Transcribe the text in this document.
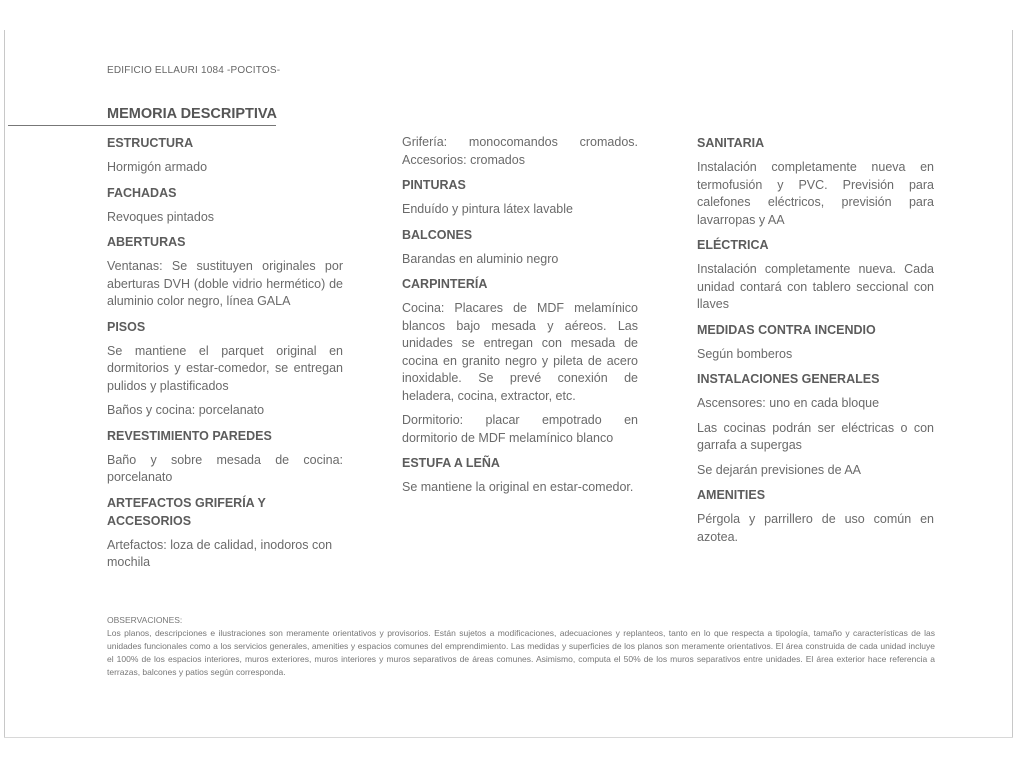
EDIFICIO ELLAURI 1084 -POCITOS-
MEMORIA DESCRIPTIVA
ESTRUCTURA
Hormigón armado
FACHADAS
Revoques pintados
ABERTURAS
Ventanas: Se sustituyen originales por aberturas DVH (doble vidrio hermético) de aluminio color negro, línea GALA
PISOS
Se mantiene el parquet original en dormitorios y estar-comedor, se entregan pulidos y plastificados
Baños y cocina: porcelanato
REVESTIMIENTO PAREDES
Baño y sobre mesada de cocina: porcelanato
ARTEFACTOS GRIFERÍA Y ACCESORIOS
Artefactos: loza de calidad, inodoros con mochila
Grifería: monocomandos cromados. Accesorios: cromados
PINTURAS
Enduído y pintura látex lavable
BALCONES
Barandas en aluminio negro
CARPINTERÍA
Cocina: Placares de MDF melamínico blancos bajo mesada y aéreos. Las unidades se entregan con mesada de cocina en granito negro y pileta de acero inoxidable. Se prevé conexión de heladera, cocina, extractor, etc.
Dormitorio: placar empotrado en dormitorio de MDF melamínico blanco
ESTUFA A LEÑA
Se mantiene la original en estar-comedor.
SANITARIA
Instalación completamente nueva en termofusión y PVC. Previsión para calefones eléctricos, previsión para lavarropas y AA
ELÉCTRICA
Instalación completamente nueva. Cada unidad contará con tablero seccional con llaves
MEDIDAS CONTRA INCENDIO
Según bomberos
INSTALACIONES GENERALES
Ascensores: uno en cada bloque
Las cocinas podrán ser eléctricas o con garrafa a supergas
Se dejarán previsiones de AA
AMENITIES
Pérgola y parrillero de uso común en azotea.
OBSERVACIONES:
Los planos, descripciones e ilustraciones son meramente orientativos y provisorios. Están sujetos a modificaciones, adecuaciones y replanteos, tanto en lo que respecta a tipología, tamaño y características de las unidades funcionales como a los servicios generales, amenities y espacios comunes del emprendimiento. Las medidas y superficies de los planos son meramente orientativos. El área construida de cada unidad incluye el 100% de los espacios interiores, muros exteriores, muros interiores y muros separativos de áreas comunes. Asimismo, computa el 50% de los muros separativos entre unidades. El área exterior hace referencia a terrazas, balcones y patios según corresponda.
